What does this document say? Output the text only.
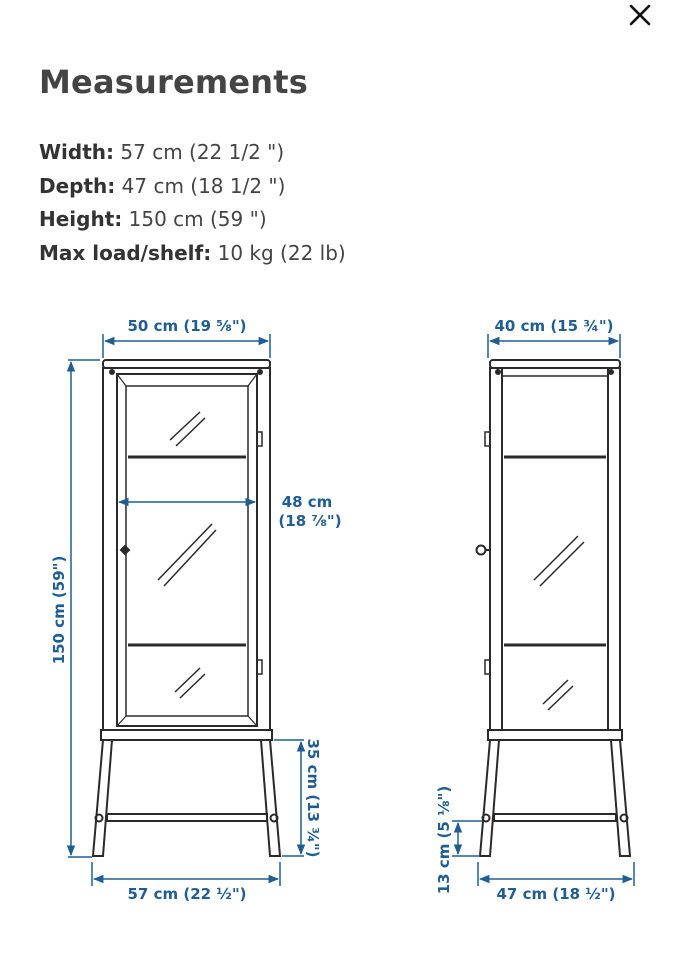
Measurements
Width: 57 cm (22 1/2 ")
Depth: 47 cm (18 1/2 ")
Height: 150 cm (59 ")
Max load/shelf: 10 kg (22 lb)
50 cm (19 ⅝")
150 cm (59")
48 cm
(18 ⅞")
35 cm (13 ¾")
57 cm (22 ½")
40 cm (15 ¾")
13 cm (5 ⅛")	47 cm (18 ½")
